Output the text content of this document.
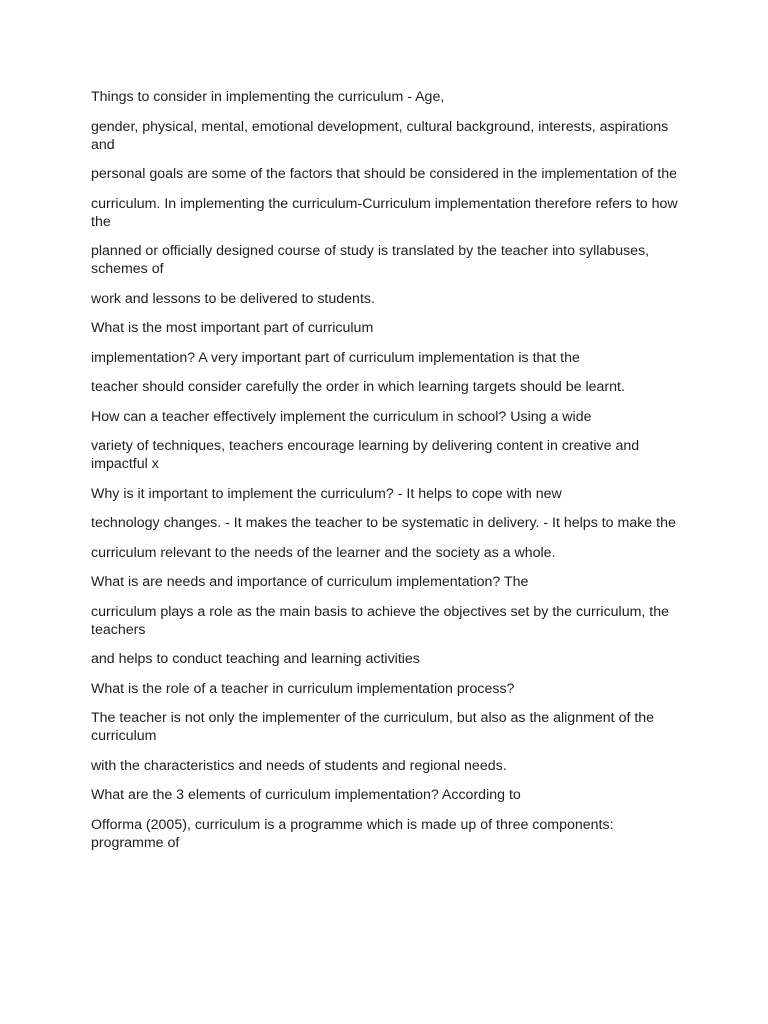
Things to consider in implementing the curriculum - Age,

gender, physical, mental, emotional development, cultural background, interests, aspirations and

personal goals are some of the factors that should be considered in the implementation of the

curriculum. In implementing the curriculum-Curriculum implementation therefore refers to how the

planned or officially designed course of study is translated by the teacher into syllabuses, schemes of

work and lessons to be delivered to students.

What is the most important part of curriculum

implementation? A very important part of curriculum implementation is that the

teacher should consider carefully the order in which learning targets should be learnt.

How can a teacher effectively implement the curriculum in school? Using a wide

variety of techniques, teachers encourage learning by delivering content in creative and impactful x

Why is it important to implement the curriculum? - It helps to cope with new

technology changes. - It makes the teacher to be systematic in delivery. - It helps to make the

curriculum relevant to the needs of the learner and the society as a whole.

What is are needs and importance of curriculum implementation? The

curriculum plays a role as the main basis to achieve the objectives set by the curriculum, the teachers

and helps to conduct teaching and learning activities

What is the role of a teacher in curriculum implementation process?

The teacher is not only the implementer of the curriculum, but also as the alignment of the curriculum

with the characteristics and needs of students and regional needs.

What are the 3 elements of curriculum implementation? According to

Offorma (2005), curriculum is a programme which is made up of three components: programme of
